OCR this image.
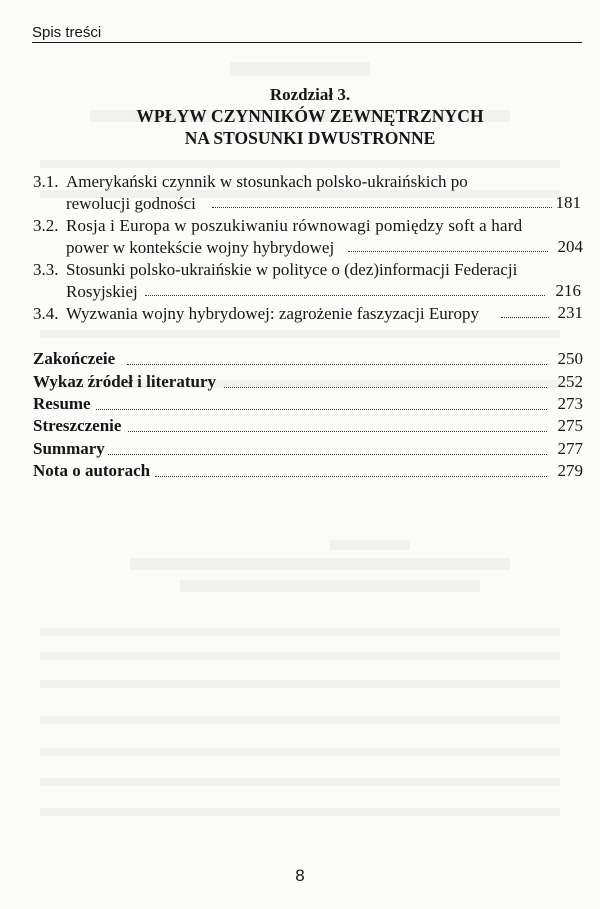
Spis treści
Rozdział 3.
WPŁYW CZYNNIKÓW ZEWNĘTRZNYCH
NA STOSUNKI DWUSTRONNE
3.1. Amerykański czynnik w stosunkach polsko-ukraińskich po
rewolucji godności	181
3.2. Rosja i Europa w poszukiwaniu równowagi pomiędzy soft a hard
power w kontekście wojny hybrydowej	204
3.3. Stosunki polsko-ukraińskie w polityce o (dez)informacji Federacji
Rosyjskiej	216
3.4. Wyzwania wojny hybrydowej: zagrożenie faszyzacji Europy	231
Zakończeie	250
Wykaz źródeł i literatury	252
Resume	273
Streszczenie	275
Summary	277
Nota o autorach	279
8
